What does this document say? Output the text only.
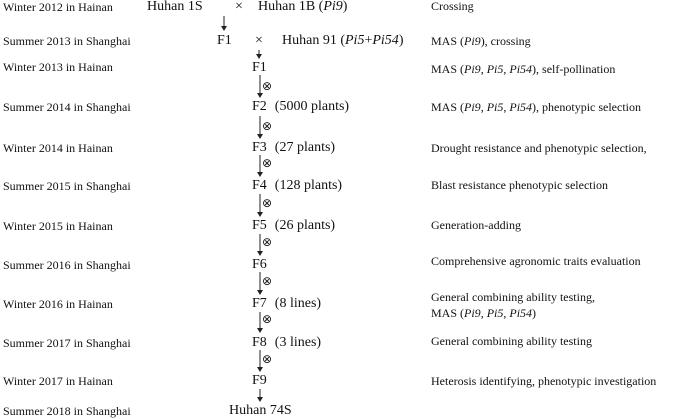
Winter 2012 in Hainan
Summer 2013 in Shanghai
Winter 2013 in Hainan
Summer 2014 in Shanghai
Winter 2014 in Hainan
Summer 2015 in Shanghai
Winter 2015 in Hainan
Summer 2016 in Shanghai
Winter 2016 in Hainan
Summer 2017 in Shanghai
Winter 2017 in Hainan
Summer 2018 in Shanghai
Huhan 1S × Huhan 1B (Pi9)
F1 × Huhan 91 (Pi5+Pi54)
F1
F2 (5000 plants)
F3 (27 plants)
F4 (128 plants)
F5 (26 plants)
F6
F7 (8 lines)
F8 (3 lines)
F9
Huhan 74S
⊗
⊗
⊗
⊗
⊗
⊗
⊗
⊗
Crossing
MAS (Pi9), crossing
MAS (Pi9, Pi5, Pi54), self-pollination
MAS (Pi9, Pi5, Pi54), phenotypic selection
Drought resistance and phenotypic selection,
Blast resistance phenotypic selection
Generation-adding
Comprehensive agronomic traits evaluation
General combining ability testing,
MAS (Pi9, Pi5, Pi54)
General combining ability testing
Heterosis identifying, phenotypic investigation
